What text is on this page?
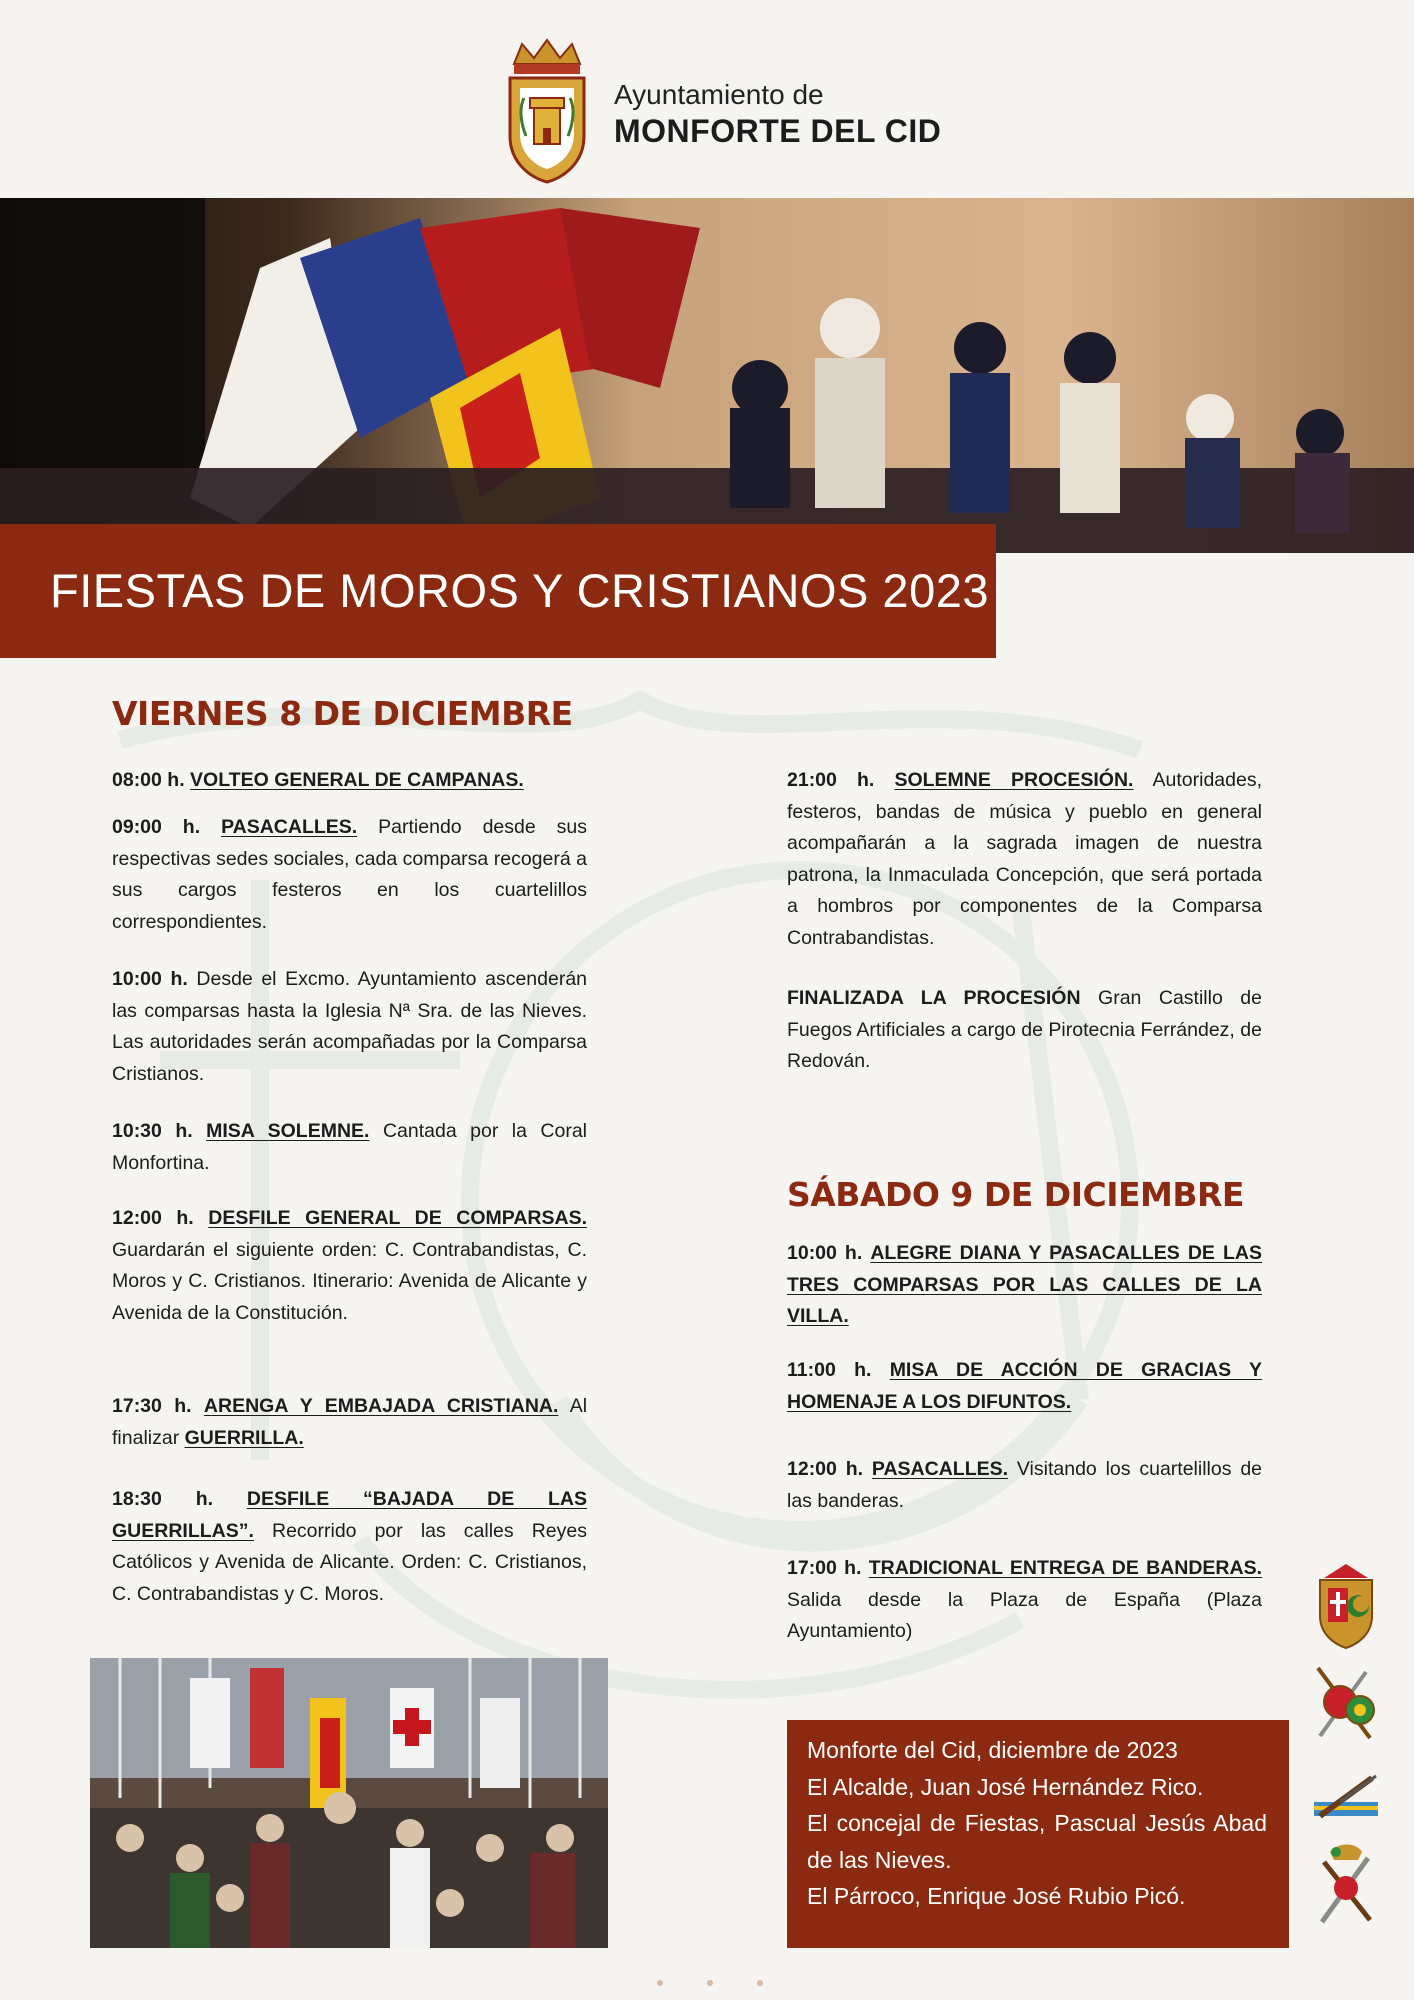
Ayuntamiento de
MONFORTE DEL CID
FIESTAS DE MOROS Y CRISTIANOS 2023
VIERNES 8 DE DICIEMBRE

08:00 h. VOLTEO GENERAL DE CAMPANAS.

09:00 h. PASACALLES. Partiendo desde sus respectivas sedes sociales, cada comparsa recogerá a sus cargos festeros en los cuartelillos correspondientes.

10:00 h. Desde el Excmo. Ayuntamiento ascenderán las comparsas hasta la Iglesia Nª Sra. de las Nieves. Las autoridades serán acompañadas por la Comparsa Cristianos.

10:30 h. MISA SOLEMNE. Cantada por la Coral Monfortina.

12:00 h. DESFILE GENERAL DE COMPARSAS. Guardarán el siguiente orden: C. Contrabandistas, C. Moros y C. Cristianos. Itinerario: Avenida de Alicante y Avenida de la Constitución.

17:30 h. ARENGA Y EMBAJADA CRISTIANA. Al finalizar GUERRILLA.

18:30 h. DESFILE “BAJADA DE LAS GUERRILLAS”. Recorrido por las calles Reyes Católicos y Avenida de Alicante. Orden: C. Cristianos, C. Contrabandistas y C. Moros.

21:00 h. SOLEMNE PROCESIÓN. Autoridades, festeros, bandas de música y pueblo en general acompañarán a la sagrada imagen de nuestra patrona, la Inmaculada Concepción, que será portada a hombros por componentes de la Comparsa Contrabandistas.

FINALIZADA LA PROCESIÓN Gran Castillo de Fuegos Artificiales a cargo de Pirotecnia Ferrández, de Redován.

SÁBADO 9 DE DICIEMBRE

10:00 h. ALEGRE DIANA Y PASACALLES DE LAS TRES COMPARSAS POR LAS CALLES DE LA VILLA.

11:00 h. MISA DE ACCIÓN DE GRACIAS Y HOMENAJE A LOS DIFUNTOS.

12:00 h. PASACALLES. Visitando los cuartelillos de las banderas.

17:00 h. TRADICIONAL ENTREGA DE BANDERAS. Salida desde la Plaza de España (Plaza Ayuntamiento)

Monforte del Cid, diciembre de 2023
El Alcalde, Juan José Hernández Rico.
El concejal de Fiestas, Pascual Jesús Abad de las Nieves.
El Párroco, Enrique José Rubio Picó.
